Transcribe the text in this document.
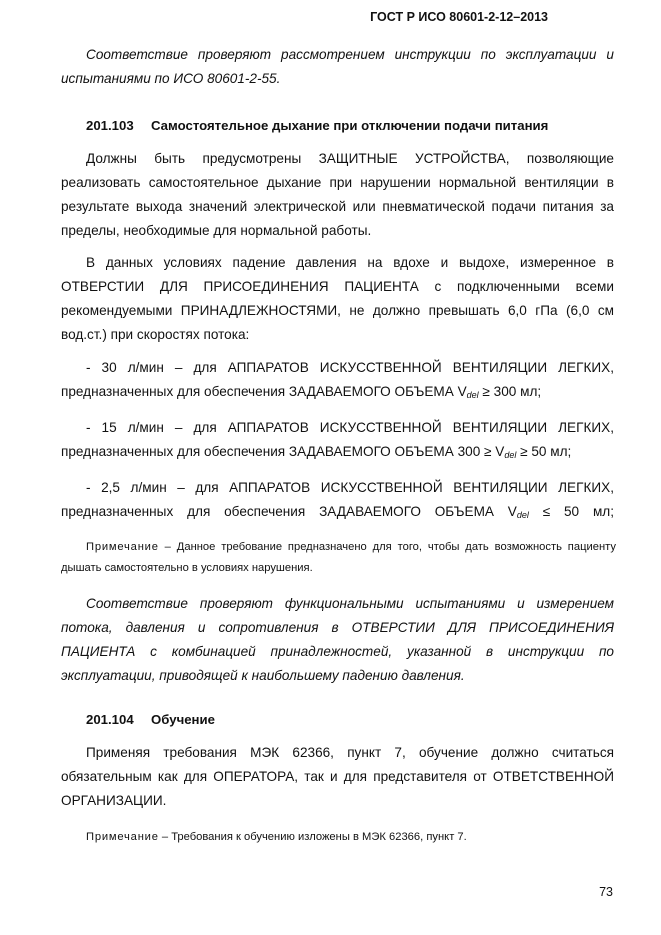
ГОСТ Р ИСО 80601-2-12–2013
Соответствие проверяют рассмотрением инструкции по эксплуатации и
испытаниями по ИСО 80601-2-55.
201.103 Самостоятельное дыхание при отключении подачи питания
Должны быть предусмотрены ЗАЩИТНЫЕ УСТРОЙСТВА, позволяющие
реализовать самостоятельное дыхание при нарушении нормальной вентиляции в
результате выхода значений электрической или пневматической подачи питания за
пределы, необходимые для нормальной работы.
В данных условиях падение давления на вдохе и выдохе, измеренное в
ОТВЕРСТИИ ДЛЯ ПРИСОЕДИНЕНИЯ ПАЦИЕНТА с подключенными всеми
рекомендуемыми ПРИНАДЛЕЖНОСТЯМИ, не должно превышать 6,0 гПа (6,0 см
вод.ст.) при скоростях потока:
- 30 л/мин – для АППАРАТОВ ИСКУССТВЕННОЙ ВЕНТИЛЯЦИИ ЛЕГКИХ,
предназначенных для обеспечения ЗАДАВАЕМОГО ОБЪЕМА $V_{del} \ge 300$ мл;
- 15 л/мин – для АППАРАТОВ ИСКУССТВЕННОЙ ВЕНТИЛЯЦИИ ЛЕГКИХ,
предназначенных для обеспечения ЗАДАВАЕМОГО ОБЪЕМА $300 \ge V_{del} \ge 50$ мл;
- 2,5 л/мин – для АППАРАТОВ ИСКУССТВЕННОЙ ВЕНТИЛЯЦИИ ЛЕГКИХ,
предназначенных для обеспечения ЗАДАВАЕМОГО ОБЪЕМА $V_{del} \le 50$ мл;
Примечание – Данное требование предназначено для того, чтобы дать возможность пациенту
дышать самостоятельно в условиях нарушения.
Соответствие проверяют функциональными испытаниями и измерением
потока, давления и сопротивления в ОТВЕРСТИИ ДЛЯ ПРИСОЕДИНЕНИЯ
ПАЦИЕНТА с комбинацией принадлежностей, указанной в инструкции по
эксплуатации, приводящей к наибольшему падению давления.
201.104 Обучение
Применяя требования МЭК 62366, пункт 7, обучение должно считаться
обязательным как для ОПЕРАТОРА, так и для представителя от ОТВЕТСТВЕННОЙ
ОРГАНИЗАЦИИ.
Примечание – Требования к обучению изложены в МЭК 62366, пункт 7.
73
